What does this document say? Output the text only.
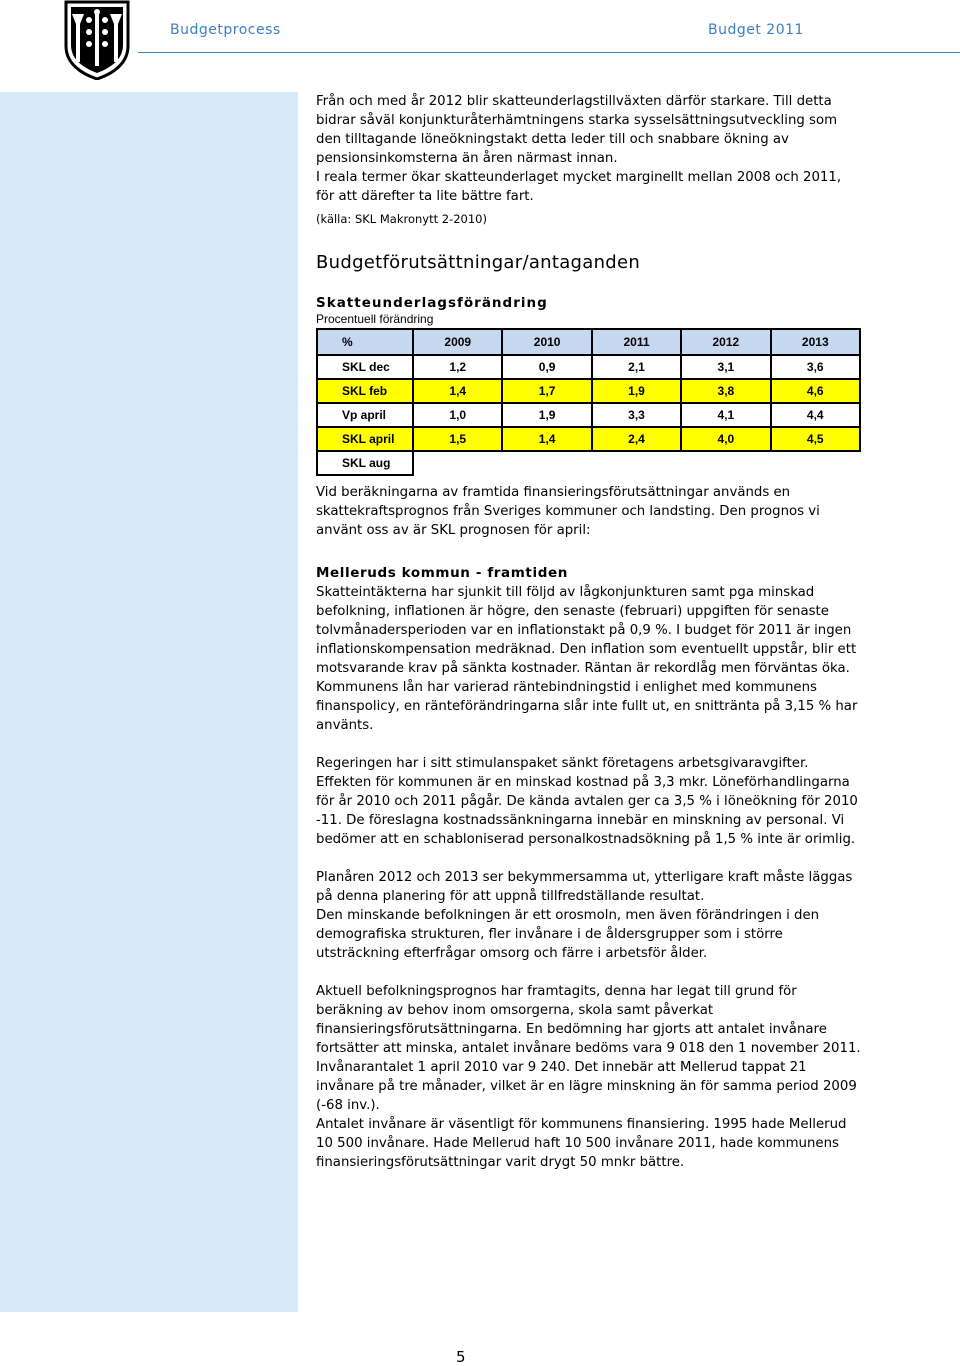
Budgetprocess	Budget 2011

Från och med år 2012 blir skatteunderlagstillväxten därför starkare. Till detta bidrar såväl konjunkturåterhämtningens starka sysselsättningsutveckling som den tilltagande löneökningstakt detta leder till och snabbare ökning av pensionsinkomsterna än åren närmast innan.

I reala termer ökar skatteunderlaget mycket marginellt mellan 2008 och 2011, för att därefter ta lite bättre fart.

(källa: SKL Makronytt 2-2010)

Budgetförutsättningar/antaganden
Skatteunderlagsförändring
Procentuell förändring
%	2009	2010	2011	2012	2013
SKL dec	1,2	0,9	2,1	3,1	3,6
SKL feb	1,4	1,7	1,9	3,8	4,6
Vp april	1,0	1,9	3,3	4,1	4,4
SKL april	1,5	1,4	2,4	4,0	4,5
SKL aug					

Vid beräkningarna av framtida finansieringsförutsättningar används en skattekraftsprognos från Sveriges kommuner och landsting. Den prognos vi använt oss av är SKL prognosen för april:

Melleruds kommun - framtiden

Skatteintäkterna har sjunkit till följd av lågkonjunkturen samt pga minskad befolkning, inflationen är högre, den senaste (februari) uppgiften för senaste tolvmånadersperioden var en inflationstakt på 0,9 %. I budget för 2011 är ingen inflationskompensation medräknad. Den inflation som eventuellt uppstår, blir ett motsvarande krav på sänkta kostnader. Räntan är rekordlåg men förväntas öka. Kommunens lån har varierad räntebindningstid i enlighet med kommunens finanspolicy, en ränteförändringarna slår inte fullt ut, en snittränta på 3,15 % har använts.

Regeringen har i sitt stimulanspaket sänkt företagens arbetsgivaravgifter. Effekten för kommunen är en minskad kostnad på 3,3 mkr. Löneförhandlingarna för år 2010 och 2011 pågår. De kända avtalen ger ca 3,5 % i löneökning för 2010 -11. De föreslagna kostnadssänkningarna innebär en minskning av personal. Vi bedömer att en schabloniserad personalkostnadsökning på 1,5 % inte är orimlig.

Planåren 2012 och 2013 ser bekymmersamma ut, ytterligare kraft måste läggas på denna planering för att uppnå tillfredställande resultat.

Den minskande befolkningen är ett orosmoln, men även förändringen i den demografiska strukturen, fler invånare i de åldersgrupper som i större utsträckning efterfrågar omsorg och färre i arbetsför ålder.

Aktuell befolkningsprognos har framtagits, denna har legat till grund för beräkning av behov inom omsorgerna, skola samt påverkat finansieringsförutsättningarna. En bedömning har gjorts att antalet invånare fortsätter att minska, antalet invånare bedöms vara 9 018 den 1 november 2011. Invånarantalet 1 april 2010 var 9 240. Det innebär att Mellerud tappat 21 invånare på tre månader, vilket är en lägre minskning än för samma period 2009 (-68 inv.).

Antalet invånare är väsentligt för kommunens finansiering. 1995 hade Mellerud 10 500 invånare. Hade Mellerud haft 10 500 invånare 2011, hade kommunens finansieringsförutsättningar varit drygt 50 mnkr bättre.

5
